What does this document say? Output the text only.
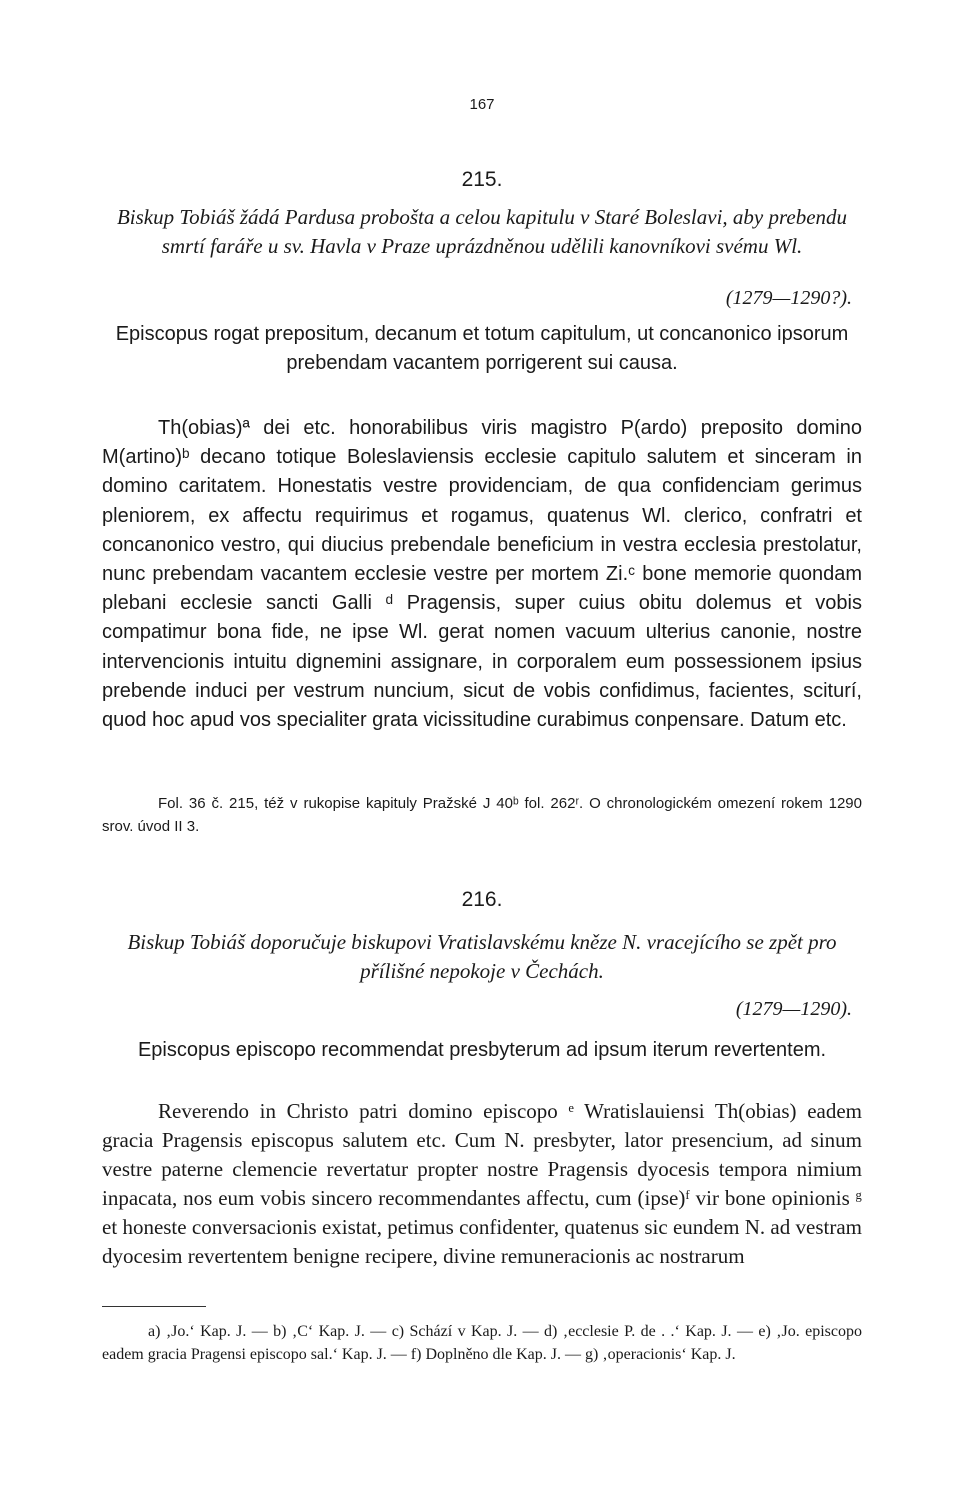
167
215.
Biskup Tobiáš žádá Pardusa probošta a celou kapitulu v Staré Boleslavi, aby prebendu smrtí faráře u sv. Havla v Praze uprázdněnou udělili kanovníkovi svému Wl.
(1279—1290?).
Episcopus rogat prepositum, decanum et totum capitulum, ut concanonico ipsorum prebendam vacantem porrigerent sui causa.
Th(obias)ª dei etc. honorabilibus viris magistro P(ardo) preposito domino M(artino)ᵇ decano totique Boleslaviensis ecclesie capitulo salutem et sinceram in domino caritatem. Honestatis vestre providenciam, de qua confidenciam gerimus pleniorem, ex affectu requirimus et rogamus, quatenus Wl. clerico, confratri et concanonico vestro, qui diucius prebendale beneficium in vestra ecclesia prestolatur, nunc prebendam vacantem ecclesie vestre per mortem Zi.ᶜ bone memorie quondam plebani ecclesie sancti Galli ᵈ Pragensis, super cuius obitu dolemus et vobis compatimur bona fide, ne ipse Wl. gerat nomen vacuum ulterius canonie, nostre intervencionis intuitu dignemini assignare, in corporalem eum possessionem ipsius prebende induci per vestrum nuncium, sicut de vobis confidimus, facientes, sciturí, quod hoc apud vos specialiter grata vicissitudine curabimus conpensare. Datum etc.
Fol. 36 č. 215, též v rukopise kapituly Pražské J 40ᵇ fol. 262ʳ. O chronologickém omezení rokem 1290 srov. úvod II 3.
216.
Biskup Tobiáš doporučuje biskupovi Vratislavskému kněze N. vracejícího se zpět pro přílišné nepokoje v Čechách.
(1279—1290).
Episcopus episcopo recommendat presbyterum ad ipsum iterum revertentem.
Reverendo in Christo patri domino episcopo ᵉ Wratislauiensi Th(obias) eadem gracia Pragensis episcopus salutem etc. Cum N. presbyter, lator presencium, ad sinum vestre paterne clemencie revertatur propter nostre Pragensis dyocesis tempora nimium inpacata, nos eum vobis sincero recommendantes affectu, cum (ipse)ᶠ vir bone opinionis ᵍ et honeste conversacionis existat, petimus confidenter, quatenus sic eundem N. ad vestram dyocesim revertentem benigne recipere, divine remuneracionis ac nostrarum
a) ‚Jo.‘ Kap. J. — b) ‚C‘ Kap. J. — c) Schází v Kap. J. — d) ‚ecclesie P. de . .‘ Kap. J. — e) ‚Jo. episcopo eadem gracia Pragensi episcopo sal.‘ Kap. J. — f) Doplněno dle Kap. J. — g) ‚operacionis‘ Kap. J.
